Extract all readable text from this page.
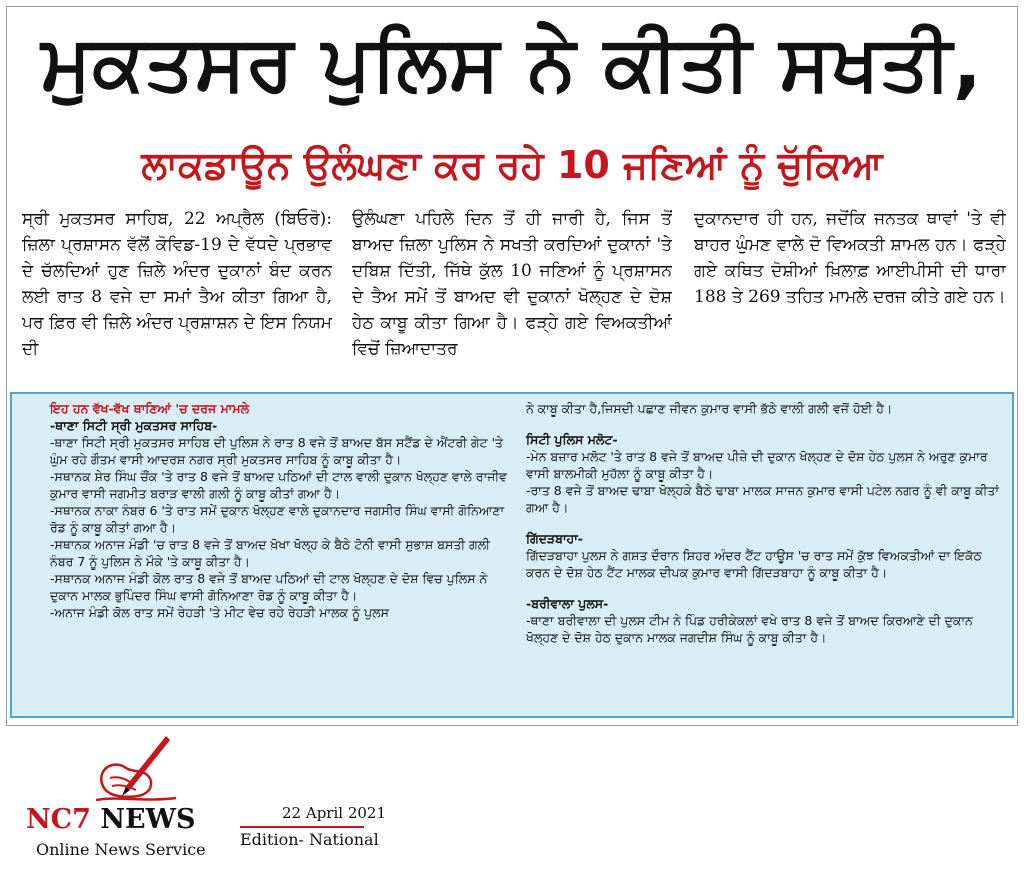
ਮੁਕਤਸਰ ਪੁਲਿਸ ਨੇ ਕੀਤੀ ਸਖਤੀ,
ਲਾਕਡਾਊਨ ਉਲੰਘਣਾ ਕਰ ਰਹੇ 10 ਜਣਿਆਂ ਨੂੰ ਚੁੱਕਿਆ
ਸ੍ਰੀ ਮੁਕਤਸਰ ਸਾਹਿਬ, 22 ਅਪ੍ਰੈਲ (ਬਿਓਰੋ): ਜ਼ਿਲਾ ਪ੍ਰਸ਼ਾਸਨ ਵੱਲੋਂ ਕੋਵਿਡ-19 ਦੇ ਵੱਧਦੇ ਪ੍ਰਭਾਵ ਦੇ ਚੱਲਦਿਆਂ ਹੁਣ ਜ਼ਿਲੇ ਅੰਦਰ ਦੁਕਾਨਾਂ ਬੰਦ ਕਰਨ ਲਈ ਰਾਤ 8 ਵਜੇ ਦਾ ਸਮਾਂ ਤੈਅ ਕੀਤਾ ਗਿਆ ਹੈ, ਪਰ ਫ਼ਿਰ ਵੀ ਜ਼ਿਲੇ ਅੰਦਰ ਪ੍ਰਸ਼ਾਸ਼ਨ ਦੇ ਇਸ ਨਿਯਮ ਦੀ
ਉਲੰਘਣਾ ਪਹਿਲੇ ਦਿਨ ਤੋਂ ਹੀ ਜਾਰੀ ਹੈ, ਜਿਸ ਤੋਂ ਬਾਅਦ ਜ਼ਿਲਾ ਪੁਲਿਸ ਨੇ ਸਖਤੀ ਕਰਦਿਆਂ ਦੁਕਾਨਾਂ 'ਤੇ ਦਬਿਸ਼ ਦਿੱਤੀ, ਜਿੱਥੇ ਕੁੱਲ 10 ਜਣਿਆਂ ਨੂੰ ਪ੍ਰਸ਼ਾਸਨ ਦੇ ਤੈਅ ਸਮੇਂ ਤੋਂ ਬਾਅਦ ਵੀ ਦੁਕਾਨਾਂ ਖੋਲ੍ਹਣ ਦੇ ਦੋਸ਼ ਹੇਠ ਕਾਬੂ ਕੀਤਾ ਗਿਆ ਹੈ। ਫੜ੍ਹੇ ਗਏ ਵਿਅਕਤੀਆਂ ਵਿਚੋਂ ਜ਼ਿਆਦਾਤਰ
ਦੁਕਾਨਦਾਰ ਹੀ ਹਨ, ਜਦੋਂਕਿ ਜਨਤਕ ਥਾਵਾਂ 'ਤੇ ਵੀ ਬਾਹਰ ਘੁੰਮਣ ਵਾਲੇ ਦੋ ਵਿਅਕਤੀ ਸ਼ਾਮਲ ਹਨ। ਫੜ੍ਹੇ ਗਏ ਕਥਿਤ ਦੋਸ਼ੀਆਂ ਖ਼ਿਲਾਫ਼ ਆਈਪੀਸੀ ਦੀ ਧਾਰਾ 188 ਤੇ 269 ਤਹਿਤ ਮਾਮਲੇ ਦਰਜ ਕੀਤੇ ਗਏ ਹਨ।

ਇਹ ਹਨ ਵੱਖ-ਵੱਖ ਥਾਣਿਆਂ 'ਚ ਦਰਜ ਮਾਮਲੇ

-ਥਾਣਾ ਸਿਟੀ ਸ੍ਰੀ ਮੁਕਤਸਰ ਸਾਹਿਬ-

-ਥਾਣਾ ਸਿਟੀ ਸ੍ਰੀ ਮੁਕਤਸਰ ਸਾਹਿਬ ਦੀ ਪੁਲਿਸ ਨੇ ਰਾਤ 8 ਵਜੇ ਤੋਂ ਬਾਅਦ ਬੱਸ ਸਟੈਂਡ ਦੇ ਐਂਟਰੀ ਗੇਟ 'ਤੇ ਘੁੰਮ ਰਹੇ ਗੌਤਮ ਵਾਸੀ ਆਦਰਸ਼ ਨਗਰ ਸ੍ਰੀ ਮੁਕਤਸਰ ਸਾਹਿਬ ਨੂੰ ਕਾਬੂ ਕੀਤਾ ਹੈ।

-ਸਥਾਨਕ ਸ਼ੇਰ ਸਿੰਘ ਚੌਂਕ 'ਤੇ ਰਾਤ 8 ਵਜੇ ਤੋਂ ਬਾਅਦ ਪਠਿਆਂ ਦੀ ਟਾਲ ਵਾਲੀ ਦੁਕਾਨ ਖੋਲ੍ਹਣ ਵਾਲੇ ਰਾਜੀਵ ਕੁਮਾਰ ਵਾਸੀ ਜਗਮੀਤ ਬਰਾੜ ਵਾਲੀ ਗਲੀ ਨੂੰ ਕਾਬੂ ਕੀਤਾਂ ਗਆ ਹੈ।

-ਸਥਾਨਕ ਨਾਕਾ ਨੰਬਰ 6 'ਤੇ ਰਾਤ ਸਮੇਂ ਦੁਕਾਨ ਖੋਲ੍ਹਣ ਵਾਲੇ ਦੁਕਾਨਦਾਰ ਜਗਸੀਰ ਸਿੰਘ ਵਾਸੀ ਗੋਨਿਆਣਾ ਰੋਡ ਨੂੰ ਕਾਬੂ ਕੀਤਾਂ ਗਆ ਹੈ।

-ਸਥਾਨਕ ਅਨਾਜ ਮੰਡੀ 'ਚ ਰਾਤ 8 ਵਜੇ ਤੋਂ ਬਾਅਦ ਖ਼ੋਖਾ ਖੋਲ੍ਹ ਕੇ ਬੈਠੇ ਟੋਨੀ ਵਾਸੀ ਸੁਭਾਸ਼ ਬਸਤੀ ਗਲੀ ਨੰਬਰ 7 ਨੂੰ ਪੁਲਿਸ ਨੇ ਮੌਕੇ 'ਤੇ ਕਾਬੂ ਕੀਤਾ ਹੈ।

-ਸਥਾਨਕ ਅਨਾਜ ਮੰਡੀ ਕੋਲ ਰਾਤ 8 ਵਜੇ ਤੋਂ ਬਾਅਦ ਪਠਿਆਂ ਦੀ ਟਾਲ ਖੋਲ੍ਹਣ ਦੇ ਦੋਸ਼ ਵਿਚ ਪੁਲਿਸ ਨੇ ਦੁਕਾਨ ਮਾਲਕ ਭੁਪਿੰਦਰ ਸਿੰਘ ਵਾਸੀ ਗੋਨਿਆਣਾ ਰੋਡ ਨੂੰ ਕਾਬੂ ਕੀਤਾ ਹੈ।

-ਅਨਾਜ ਮੰਡੀ ਕੋਲ ਰਾਤ ਸਮੇਂ ਰੇਹੜੀ 'ਤੇ ਮੀਟ ਵੇਚ ਰਹੇ ਰੇਹੜੀ ਮਾਲਕ ਨੂੰ ਪੁਲਸ

ਨੇ ਕਾਬੂ ਕੀਤਾ ਹੈ,ਜਿਸਦੀ ਪਛਾਣ ਜੀਵਨ ਕੁਮਾਰ ਵਾਸੀ ਭੱਠੇ ਵਾਲੀ ਗਲੀ ਵਜੋਂ ਹੋਈ ਹੈ।

ਸਿਟੀ ਪੁਲਿਸ ਮਲੋਟ-

-ਮੇਨ ਬਜ਼ਾਰ ਮਲੋਟ 'ਤੇ ਰਾਤ 8 ਵਜੇ ਤੋਂ ਬਾਅਦ ਪੀਜ਼ੇ ਦੀ ਦੁਕਾਨ ਖੋਲ੍ਹਣ ਦੇ ਦੋਸ਼ ਹੇਠ ਪੁਲਸ ਨੇ ਅਰੁਣ ਕੁਮਾਰ ਵਾਸੀ ਬਾਲਮੀਕੀ ਮੁਹੱਲਾ ਨੂੰ ਕਾਬੂ ਕੀਤਾ ਹੈ।

-ਰਾਤ 8 ਵਜੇ ਤੋਂ ਬਾਅਦ ਢਾਬਾ ਖੋਲ੍ਹਕੇ ਬੈਠੇ ਢਾਬਾ ਮਾਲਕ ਸਾਜਨ ਕੁਮਾਰ ਵਾਸੀ ਪਟੇਲ ਨਗਰ ਨੂੰ ਵੀ ਕਾਬੂ ਕੀਤਾਂ ਗਆ ਹੈ।

ਗਿੱਦੜਬਾਹਾ-

ਗਿੱਦੜਬਾਹਾ ਪੁਲਸ ਨੇ ਗਸ਼ਤ ਦੌਰਾਨ ਸ਼ਿਹਰ ਅੰਦਰ ਟੈਂਟ ਹਾਊਸ 'ਚ ਰਾਤ ਸਮੇਂ ਕੁੱਝ ਵਿਅਕਤੀਆਂ ਦਾ ਇਕੱਠ ਕਰਨ ਦੇ ਦੋਸ਼ ਹੇਠ ਟੈਂਟ ਮਾਲਕ ਦੀਪਕ ਕੁਮਾਰ ਵਾਸੀ ਗਿੱਦੜਬਾਹਾ ਨੂੰ ਕਾਬੂ ਕੀਤਾ ਹੈ।

-ਬਰੀਵਾਲਾ ਪੁਲਸ-

-ਥਾਣਾ ਬਰੀਵਾਲਾ ਦੀ ਪੁਲਸ ਟੀਮ ਨੇ ਪਿੰਡ ਹਰੀਕੇਕਲਾਂ ਵਖੇ ਰਾਤ 8 ਵਜੇ ਤੋਂ ਬਾਅਦ ਕਿਰਆਣੇ ਦੀ ਦੁਕਾਨ ਖੋਲ੍ਹਣ ਦੇ ਦੋਸ਼ ਹੇਠ ਦੁਕਾਨ ਮਾਲਕ ਜਗਦੀਸ਼ ਸਿੰਘ ਨੂੰ ਕਾਬੂ ਕੀਤਾ ਹੈ।

NC7 NEWS
Online News Service
22 April 2021
Edition- National
